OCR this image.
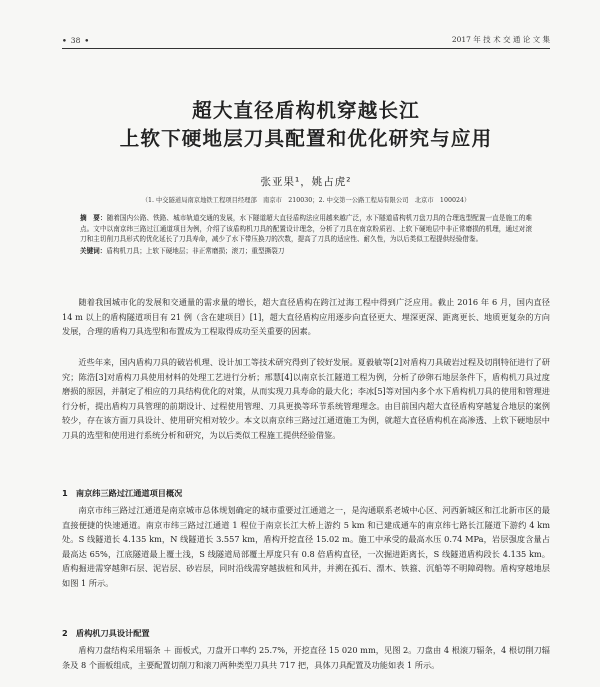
• 38 •	2017 年 技 术 交 通 论 文 集
超大直径盾构机穿越长江
上软下硬地层刀具配置和优化研究与应用
张亚果¹，姚占虎²
（1. 中交隧道局南京地铁工程项目经理部　南京市　210030；2. 中交第一公路工程局有限公司　北京市　100024）
摘　要：随着国内公路、铁路、城市轨道交通的发展，水下隧道超大直径盾构法应用越来越广泛，水下隧道盾构机刀盘刀具的合理选型配置一直是施工的难点。文中以南京纬三路过江通道项目为例，介绍了该盾构机刀具的配置设计理念，分析了刀具在南京粉质岩、上软下硬地层中非正常磨损的机理，通过对滚刀和主切削刀具形式的优化延长了刀具寿命，减少了水下带压换刀的次数，提高了刀具的适应性、耐久性，为以后类似工程提供经验借鉴。
关键词：盾构机刀具；上软下硬地层；非正常磨损；滚刀；重型撕裂刀

随着我国城市化的发展和交通量的需求量的增长，超大直径盾构在跨江过海工程中得到广泛应用。截止 2016 年 6 月，国内直径 14 m 以上的盾构隧道项目有 21 例（含在建项目）[1]，超大直径盾构应用逐步向直径更大、埋深更深、距离更长、地质更复杂的方向发展，合理的盾构刀具选型和布置成为工程取得成功至关重要的因素。

近些年来，国内盾构刀具的破岩机理、设计加工等技术研究得到了较好发展。夏毅敏等[2]对盾构刀具破岩过程及切削特征进行了研究；陈浩[3]对盾构刀具使用材料的处理工艺进行分析；邢慧[4]以南京长江隧道工程为例，分析了砂卵石地层条件下，盾构机刀具过度磨损的原因，并制定了相应的刀具结构优化的对策，从而实现刀具寿命的最大化；李冰[5]等对国内多个水下盾构机刀具的使用和管理进行分析，提出盾构刀具管理的前期设计、过程使用管理、刀具更换等环节系统管理理念。由目前国内超大直径盾构穿越复合地层的案例较少，存在该方面刀具设计、使用研究相对较少。本文以南京纬三路过江通道施工为例，就超大直径盾构机在高渗透、上软下硬地层中刀具的选型和使用进行系统分析和研究，为以后类似工程施工提供经验借鉴。

1　南京纬三路过江通道项目概况

南京市纬三路过江通道是南京城市总体规划确定的城市重要过江通道之一，是沟通联系老城中心区、河西新城区和江北新市区的最直接便捷的快速通道。南京市纬三路过江通道 1 程位于南京长江大桥上游约 5 km 和已建成通车的南京纬七路长江隧道下游约 4 km 处。S 线隧道长 4.135 km，N 线隧道长 3.557 km，盾构开挖直径 15.02 m。施工中承受的最高水压 0.74 MPa，岩层强度含量占最高达 65%，江底隧道最上覆土浅，S 线隧道局部覆土厚度只有 0.8 倍盾构直径，一次掘进距离长，S 线隧道盾构段长 4.135 km。盾构掘进需穿越卵石层、泥岩层、砂岩层，同时沿线需穿越拔桩和风井，并溯在孤石、漂木、铁箍、沉船等不明障碍物。盾构穿越地层如图 1 所示。

2　盾构机刀具设计配置

盾构刀盘结构采用辐条 ＋ 面板式，刀盘开口率约 25.7%，开挖直径 15 020 mm，见图 2。刀盘由 4 根滚刀辐条，4 根切削刀辐条及 8 个面板组成，主要配置切削刀和滚刀两种类型刀具共 717 把，具体刀具配置及功能如表 1 所示。
